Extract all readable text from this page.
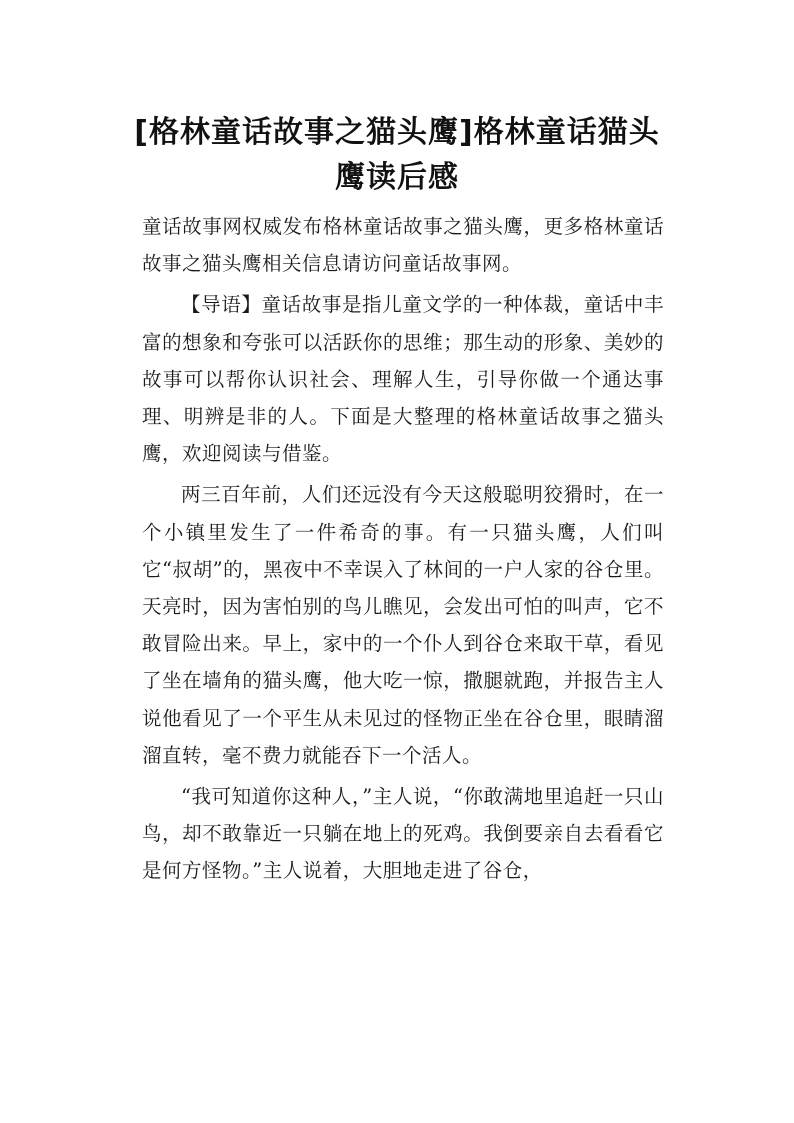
[格林童话故事之猫头鹰]格林童话猫头鹰读后感

童话故事网权威发布格林童话故事之猫头鹰，更多格林童话故事之猫头鹰相关信息请访问童话故事网。

【导语】童话故事是指儿童文学的一种体裁，童话中丰富的想象和夸张可以活跃你的思维；那生动的形象、美妙的故事可以帮你认识社会、理解人生，引导你做一个通达事理、明辨是非的人。下面是大整理的格林童话故事之猫头鹰，欢迎阅读与借鉴。

两三百年前，人们还远没有今天这般聪明狡猾时，在一个小镇里发生了一件希奇的事。有一只猫头鹰，人们叫它“叔胡”的，黑夜中不幸误入了林间的一户人家的谷仓里。天亮时，因为害怕别的鸟儿瞧见，会发出可怕的叫声，它不敢冒险出来。早上，家中的一个仆人到谷仓来取干草，看见了坐在墙角的猫头鹰，他大吃一惊，撒腿就跑，并报告主人说他看见了一个平生从未见过的怪物正坐在谷仓里，眼睛溜溜直转，毫不费力就能吞下一个活人。

“我可知道你这种人，”主人说，“你敢满地里追赶一只山鸟，却不敢靠近一只躺在地上的死鸡。我倒要亲自去看看它是何方怪物。”主人说着，大胆地走进了谷仓，
